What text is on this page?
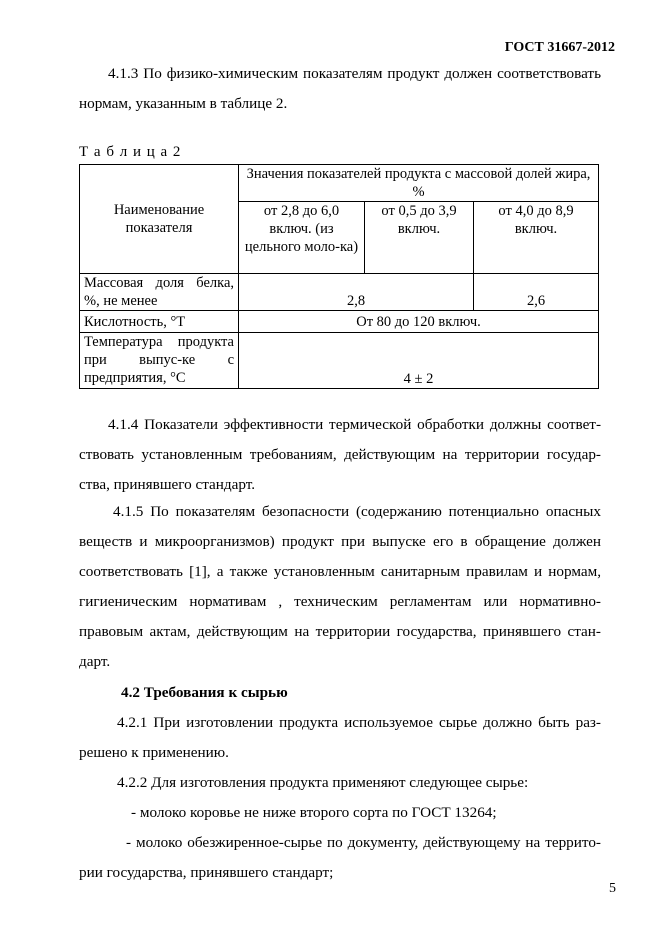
ГОСТ 31667-2012
4.1.3 По физико-химическим показателям продукт должен соответствовать
нормам, указанным в таблице 2.
Т а б л и ц а 2
Наименование показателя	Значения показателей продукта с массовой долей жира, %		
	от 2,8 до 6,0 включ. (из цельного моло-ка)	от 0,5 до 3,9 включ.	от 4,0 до 8,9 включ.
Массовая доля белка, %, не менее	2,8		2,6
Кислотность, °Т	От 80 до 120 включ.		
Температура продукта при выпус-ке с предприятия, °С	4 ± 2		
4.1.4 Показатели эффективности термической обработки должны соответ-
ствовать установленным требованиям, действующим на территории государ-
ства, принявшего стандарт.
4.1.5 По показателям безопасности (содержанию потенциально опасных
веществ и микроорганизмов) продукт при выпуске его в обращение должен
соответствовать [1], а также установленным санитарным правилам и нормам,
гигиеническим нормативам , техническим регламентам или нормативно-
правовым актам, действующим на территории государства, принявшего стан-
дарт.
4.2 Требования к сырью
4.2.1 При изготовлении продукта используемое сырье должно быть раз-
решено к применению.
4.2.2 Для изготовления продукта применяют следующее сырье:
- молоко коровье не ниже второго сорта по ГОСТ 13264;
- молоко обезжиренное-сырье по документу, действующему на террито-
рии государства, принявшего стандарт;
5
